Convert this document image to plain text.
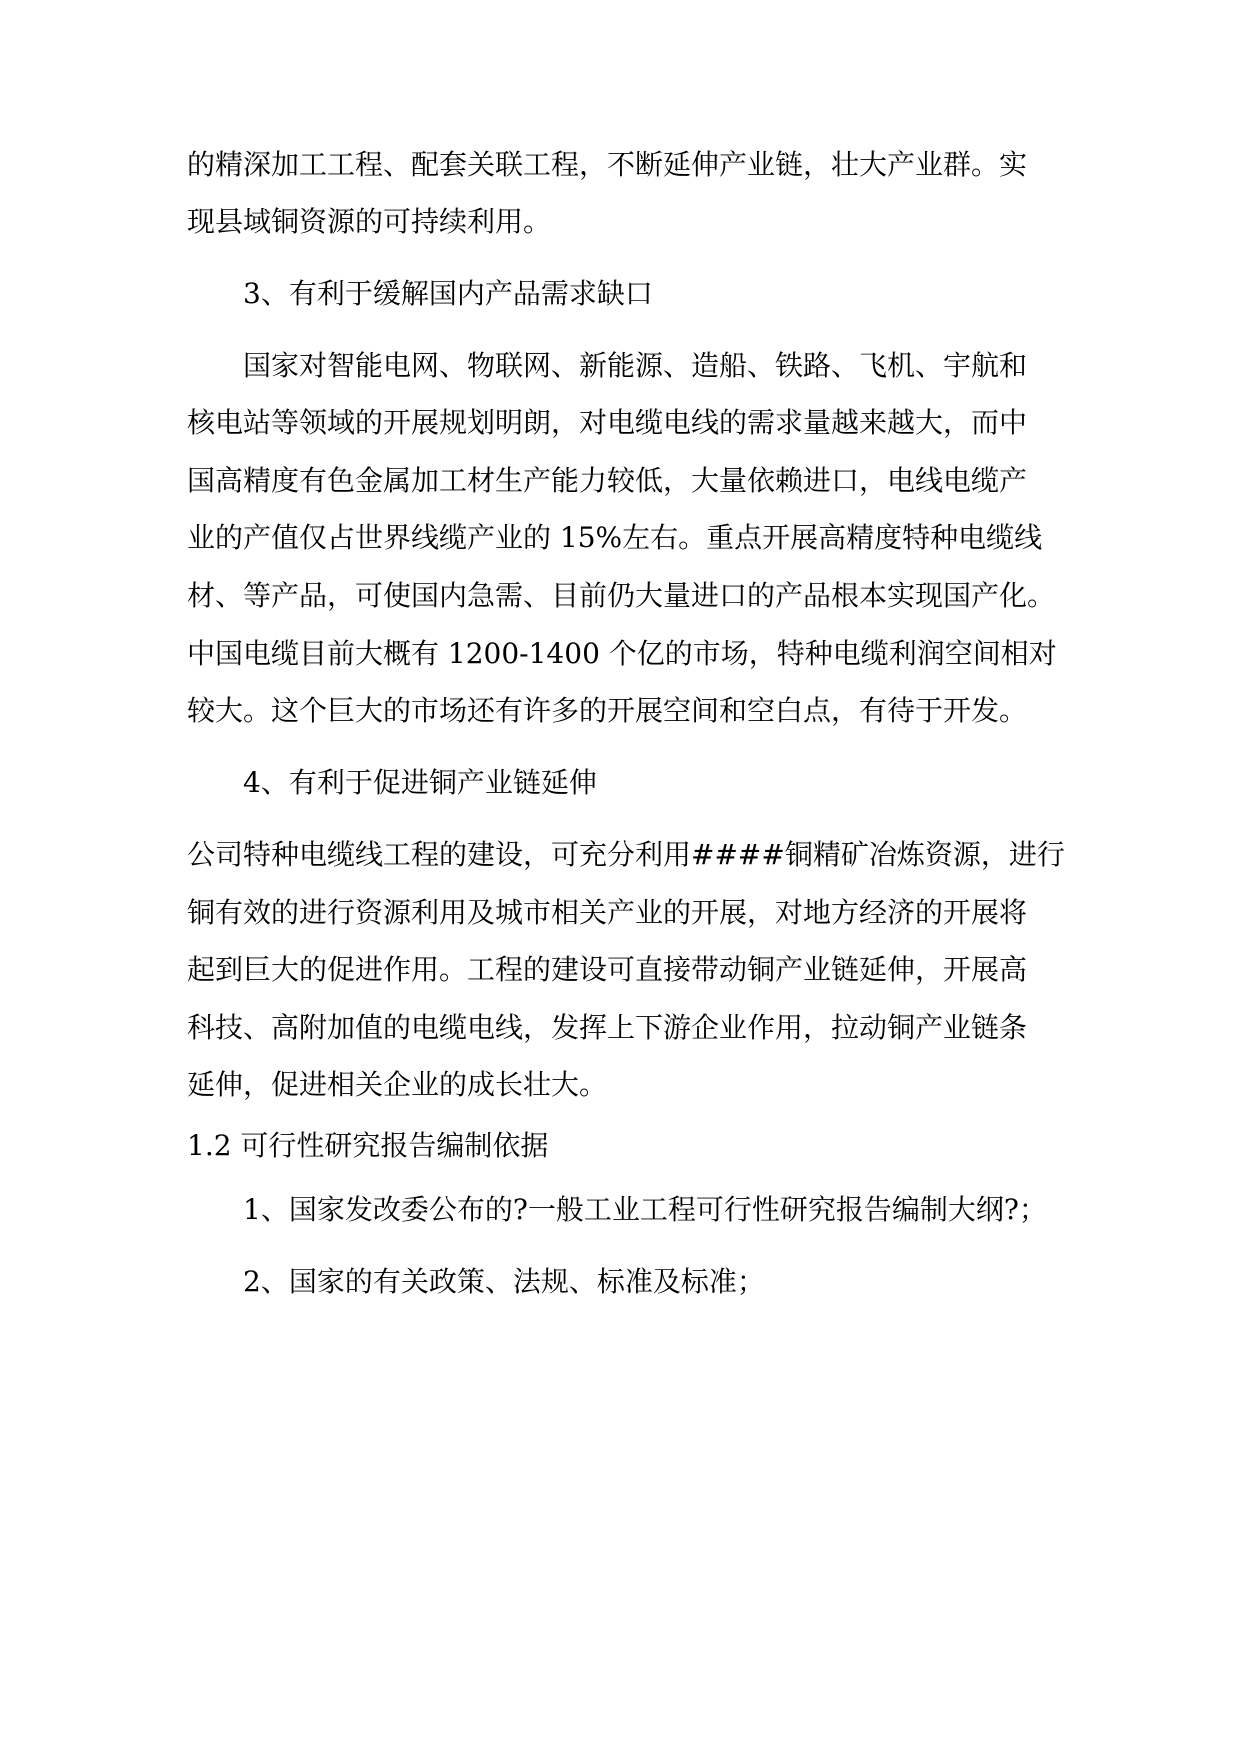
的精深加工工程、配套关联工程，不断延伸产业链，壮大产业群。实
现县域铜资源的可持续利用。
3、有利于缓解国内产品需求缺口
国家对智能电网、物联网、新能源、造船、铁路、飞机、宇航和
核电站等领域的开展规划明朗，对电缆电线的需求量越来越大，而中
国高精度有色金属加工材生产能力较低，大量依赖进口，电线电缆产
业的产值仅占世界线缆产业的 15%左右。重点开展高精度特种电缆线
材、等产品，可使国内急需、目前仍大量进口的产品根本实现国产化。
中国电缆目前大概有 1200-1400 个亿的市场，特种电缆利润空间相对
较大。这个巨大的市场还有许多的开展空间和空白点，有待于开发。
4、有利于促进铜产业链延伸
公司特种电缆线工程的建设，可充分利用####铜精矿冶炼资源，进行
铜有效的进行资源利用及城市相关产业的开展，对地方经济的开展将
起到巨大的促进作用。工程的建设可直接带动铜产业链延伸，开展高
科技、高附加值的电缆电线，发挥上下游企业作用，拉动铜产业链条
延伸，促进相关企业的成长壮大。
1.2 可行性研究报告编制依据
1、国家发改委公布的?一般工业工程可行性研究报告编制大纲?；
2、国家的有关政策、法规、标准及标准；
